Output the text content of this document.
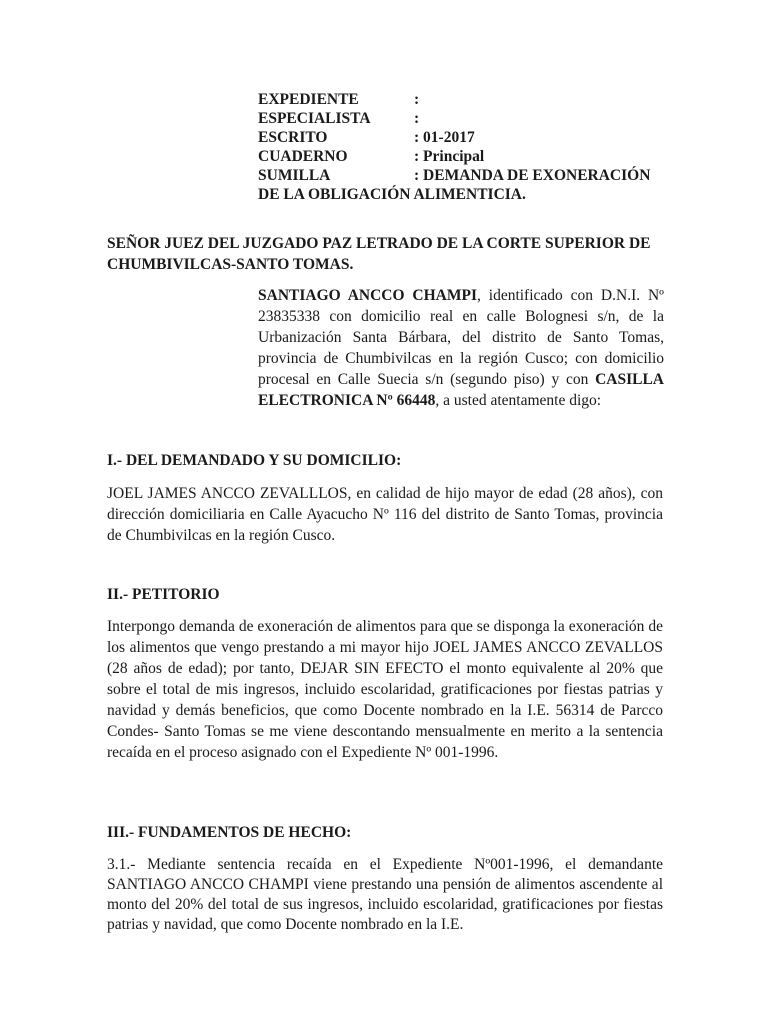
EXPEDIENTE	:
ESPECIALISTA	:
ESCRITO	: 01-2017
CUADERNO	: Principal
SUMILLA	: DEMANDA DE EXONERACIÓN
DE LA OBLIGACIÓN ALIMENTICIA.
SEÑOR JUEZ DEL JUZGADO PAZ LETRADO DE LA CORTE SUPERIOR DE CHUMBIVILCAS-SANTO TOMAS.
SANTIAGO ANCCO CHAMPI, identificado con D.N.I. Nº 23835338 con domicilio real en calle Bolognesi s/n, de la Urbanización Santa Bárbara, del distrito de Santo Tomas, provincia de Chumbivilcas en la región Cusco; con domicilio procesal en Calle Suecia s/n (segundo piso) y con CASILLA ELECTRONICA Nº 66448, a usted atentamente digo:
I.- DEL DEMANDADO Y SU DOMICILIO:
JOEL JAMES ANCCO ZEVALLLOS, en calidad de hijo mayor de edad (28 años), con dirección domiciliaria en Calle Ayacucho Nº 116 del distrito de Santo Tomas, provincia de Chumbivilcas en la región Cusco.
II.- PETITORIO
Interpongo demanda de exoneración de alimentos para que se disponga la exoneración de los alimentos que vengo prestando a mi mayor hijo JOEL JAMES ANCCO ZEVALLOS (28 años de edad); por tanto, DEJAR SIN EFECTO el monto equivalente al 20% que sobre el total de mis ingresos, incluido escolaridad, gratificaciones por fiestas patrias y navidad y demás beneficios, que como Docente nombrado en la I.E. 56314 de Parcco Condes- Santo Tomas se me viene descontando mensualmente en merito a la sentencia recaída en el proceso asignado con el Expediente Nº 001-1996.
III.- FUNDAMENTOS DE HECHO:
3.1.- Mediante sentencia recaída en el Expediente Nº001-1996, el demandante SANTIAGO ANCCO CHAMPI viene prestando una pensión de alimentos ascendente al monto del 20% del total de sus ingresos, incluido escolaridad, gratificaciones por fiestas patrias y navidad, que como Docente nombrado en la I.E.
